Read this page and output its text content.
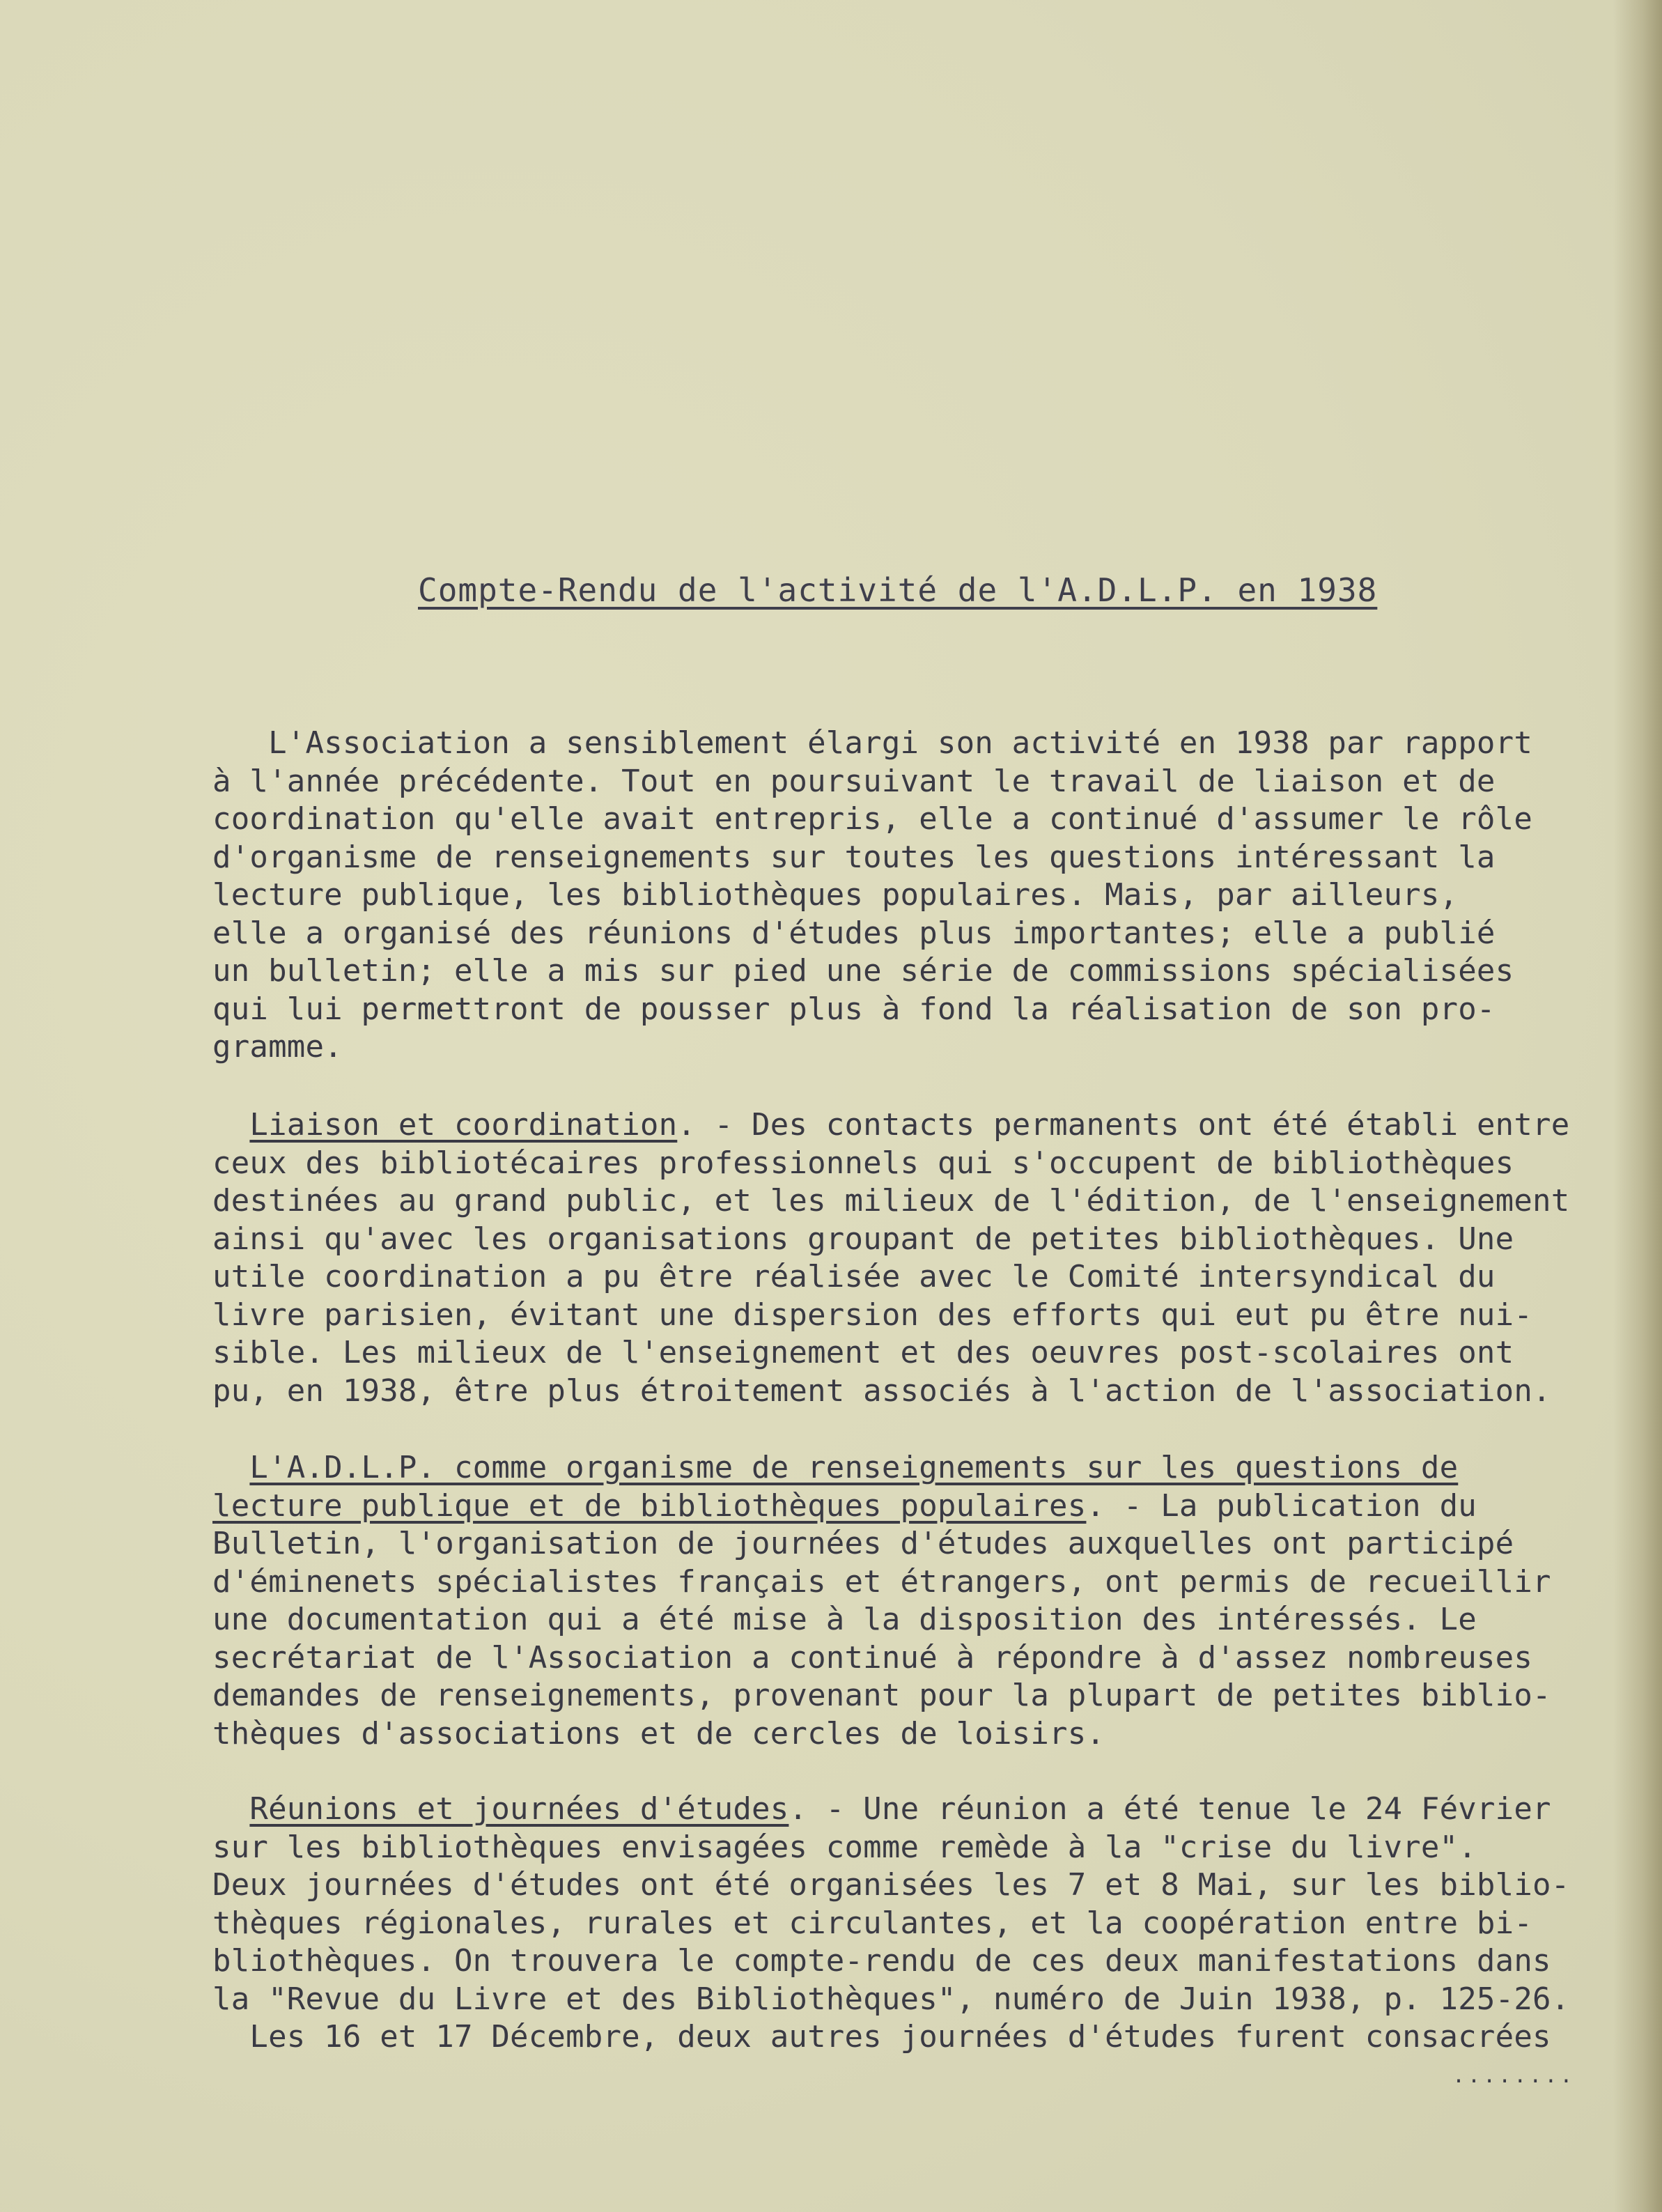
Compte-Rendu de l'activité de l'A.D.L.P. en 1938
L'Association a sensiblement élargi son activité en 1938 par rapport
à l'année précédente. Tout en poursuivant le travail de liaison et de
coordination qu'elle avait entrepris, elle a continué d'assumer le rôle
d'organisme de renseignements sur toutes les questions intéressant la
lecture publique, les bibliothèques populaires. Mais, par ailleurs,
elle a organisé des réunions d'études plus importantes; elle a publié
un bulletin; elle a mis sur pied une série de commissions spécialisées
qui lui permettront de pousser plus à fond la réalisation de son pro-
gramme.
Liaison et coordination. - Des contacts permanents ont été établi entre
ceux des bibliotécaires professionnels qui s'occupent de bibliothèques
destinées au grand public, et les milieux de l'édition, de l'enseignement
ainsi qu'avec les organisations groupant de petites bibliothèques. Une
utile coordination a pu être réalisée avec le Comité intersyndical du
livre parisien, évitant une dispersion des efforts qui eut pu être nui-
sible. Les milieux de l'enseignement et des oeuvres post-scolaires ont
pu, en 1938, être plus étroitement associés à l'action de l'association.
L'A.D.L.P. comme organisme de renseignements sur les questions de
lecture publique et de bibliothèques populaires. - La publication du
Bulletin, l'organisation de journées d'études auxquelles ont participé
d'éminenets spécialistes français et étrangers, ont permis de recueillir
une documentation qui a été mise à la disposition des intéressés. Le
secrétariat de l'Association a continué à répondre à d'assez nombreuses
demandes de renseignements, provenant pour la plupart de petites biblio-
thèques d'associations et de cercles de loisirs.
Réunions et journées d'études. - Une réunion a été tenue le 24 Février
sur les bibliothèques envisagées comme remède à la "crise du livre".
Deux journées d'études ont été organisées les 7 et 8 Mai, sur les biblio-
thèques régionales, rurales et circulantes, et la coopération entre bi-
bliothèques. On trouvera le compte-rendu de ces deux manifestations dans
la "Revue du Livre et des Bibliothèques", numéro de Juin 1938, p. 125-26.
Les 16 et 17 Décembre, deux autres journées d'études furent consacrées
........
